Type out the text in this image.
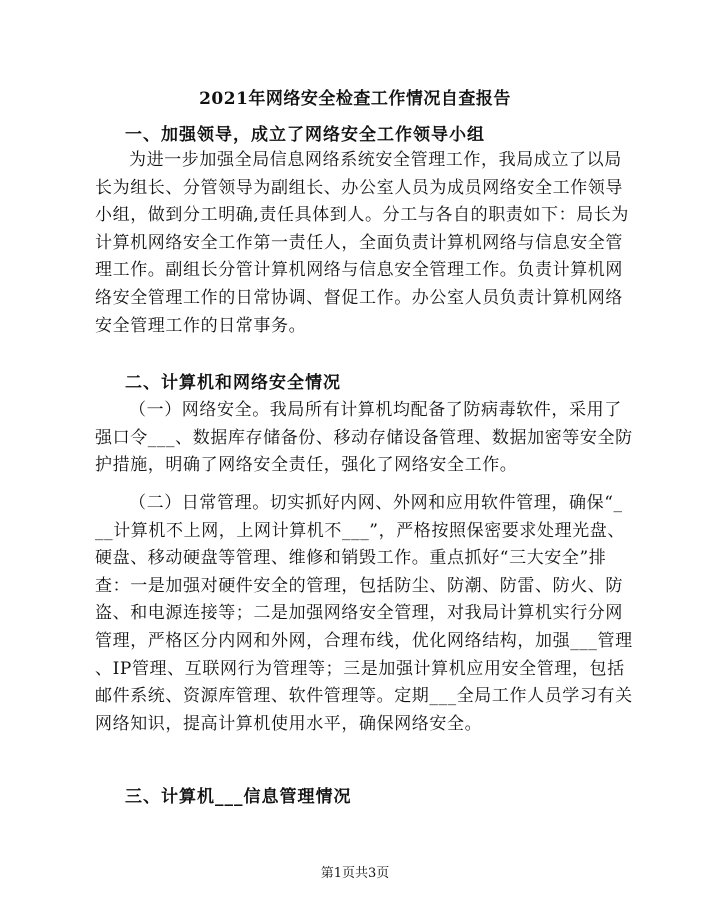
2021年网络安全检查工作情况自查报告
一、加强领导，成立了网络安全工作领导小组
为进一步加强全局信息网络系统安全管理工作，我局成立了以局
长为组长、分管领导为副组长、办公室人员为成员网络安全工作领导
小组，做到分工明确,责任具体到人。分工与各自的职责如下：局长为
计算机网络安全工作第一责任人，全面负责计算机网络与信息安全管
理工作。副组长分管计算机网络与信息安全管理工作。负责计算机网
络安全管理工作的日常协调、督促工作。办公室人员负责计算机网络
安全管理工作的日常事务。
二、计算机和网络安全情况
（一）网络安全。我局所有计算机均配备了防病毒软件，采用了
强口令___、数据库存储备份、移动存储设备管理、数据加密等安全防
护措施，明确了网络安全责任，强化了网络安全工作。
（二）日常管理。切实抓好内网、外网和应用软件管理，确保“_
__计算机不上网，上网计算机不___”，严格按照保密要求处理光盘、
硬盘、移动硬盘等管理、维修和销毁工作。重点抓好“三大安全”排
查：一是加强对硬件安全的管理，包括防尘、防潮、防雷、防火、防
盗、和电源连接等；二是加强网络安全管理，对我局计算机实行分网
管理，严格区分内网和外网，合理布线，优化网络结构，加强___管理
、IP管理、互联网行为管理等；三是加强计算机应用安全管理，包括
邮件系统、资源库管理、软件管理等。定期___全局工作人员学习有关
网络知识，提高计算机使用水平，确保网络安全。
三、计算机___信息管理情况
第1页共3页
